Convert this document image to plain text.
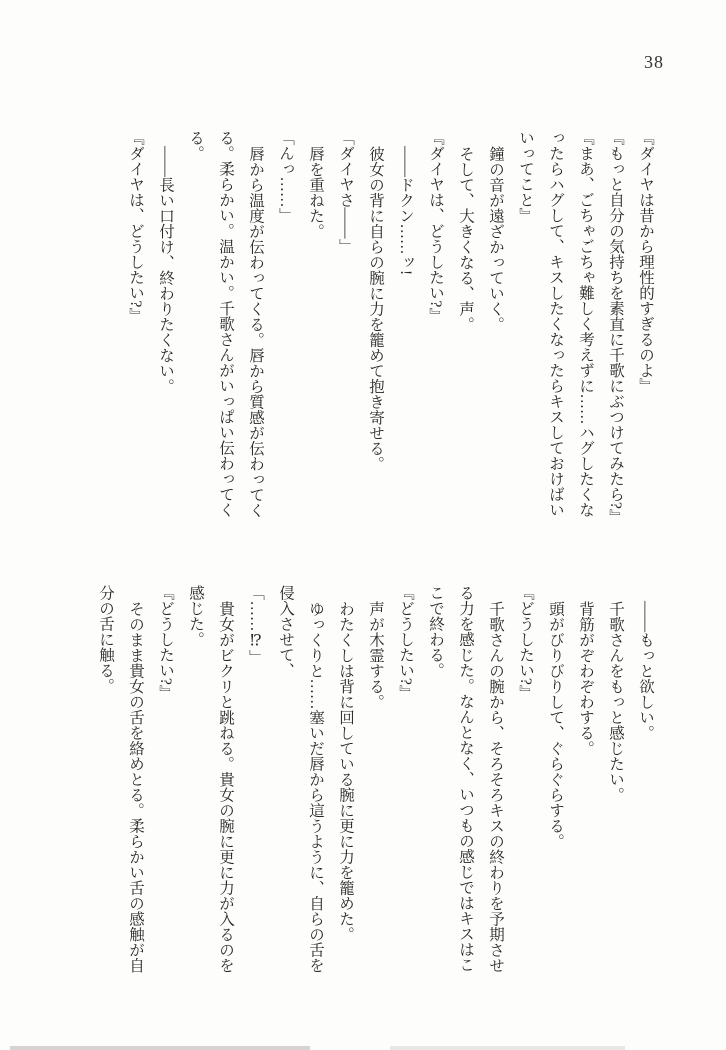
38

『ダイヤは昔から理性的すぎるのよ』

『もっと自分の気持ちを素直に千歌にぶつけてみたら?』

『まあ、ごちゃごちゃ難しく考えずに……ハグしたくなったらハグして、キスしたくなったらキスしておけばいいってこと』

鐘の音が遠ざかっていく。

そして、大きくなる、声。

『ダイヤは、どうしたい?』

――ドクン……ッ!

彼女の背に自らの腕に力を籠めて抱き寄せる。

「ダイヤさ――」

唇を重ねた。

「んっ……」

唇から温度が伝わってくる。唇から質感が伝わってくる。柔らかい。温かい。千歌さんがいっぱい伝わってくる。

――長い口付け、終わりたくない。

『ダイヤは、どうしたい?』

――もっと欲しい。

千歌さんをもっと感じたい。

背筋がぞわぞわする。

頭がびりびりして、ぐらぐらする。

『どうしたい?』

千歌さんの腕から、そろそろキスの終わりを予期させる力を感じた。なんとなく、いつもの感じではキスはここで終わる。

『どうしたい?』

声が木霊する。

わたくしは背に回している腕に更に力を籠めた。

ゆっくりと……塞いだ唇から這うように、自らの舌を侵入させて、

「……⁉」

貴女がビクリと跳ねる。貴女の腕に更に力が入るのを感じた。

『どうしたい?』

そのまま貴女の舌を絡めとる。柔らかい舌の感触が自分の舌に触る。
